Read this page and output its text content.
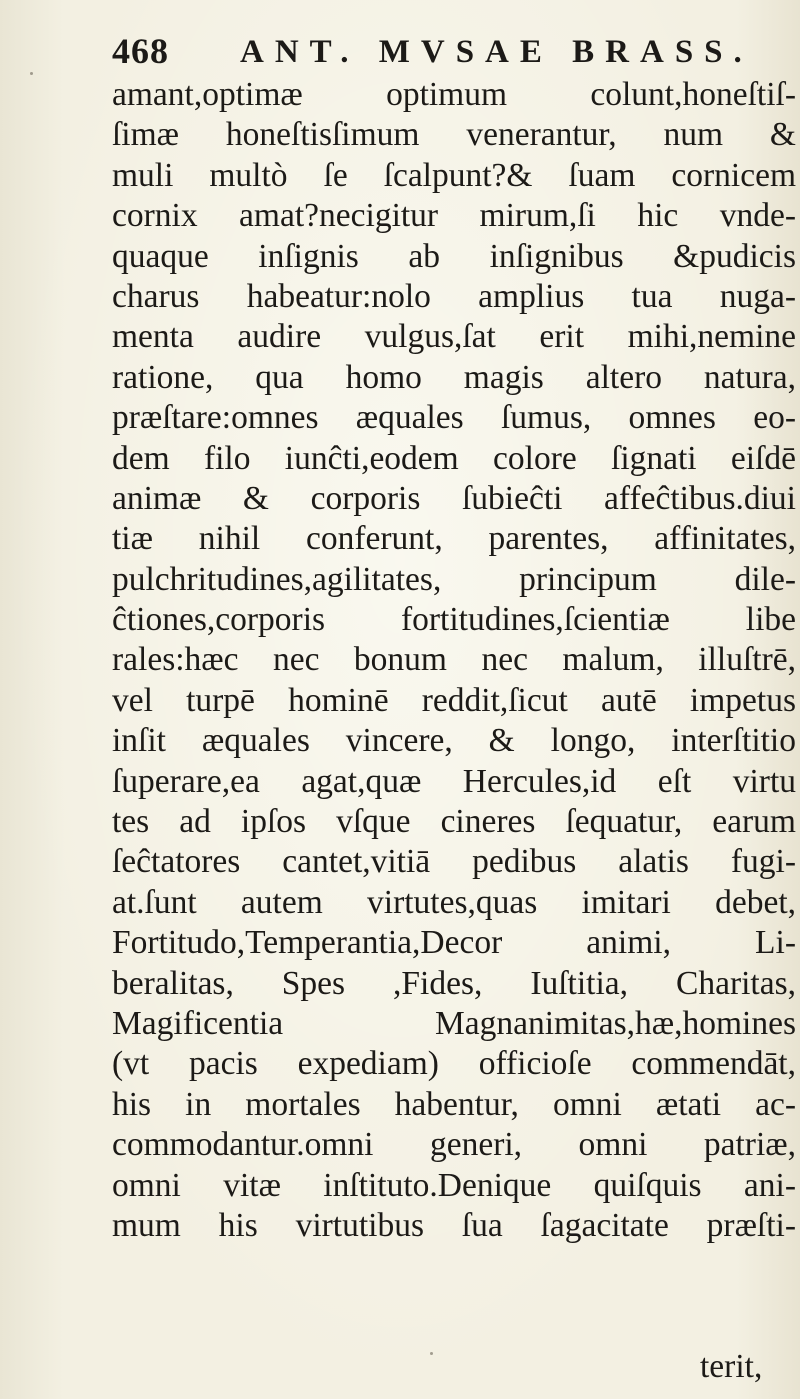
468 ANT. MVSAE BRASS.
amant,optimæ optimum colunt,honeſtiſ-
ſimæ honeſtisſimum venerantur, num &
muli multò ſe ſcalpunt?& ſuam cornicem
cornix amat?necigitur mirum,ſi hic vnde-
quaque inſignis ab inſignibus &pudicis
charus habeatur:nolo amplius tua nuga-
menta audire vulgus,ſat erit mihi,nemine
ratione, qua homo magis altero natura,
præſtare:omnes æquales ſumus, omnes eo-
dem filo iunĉti,eodem colore ſignati eiſdē
animæ & corporis ſubieĉti affeĉtibus.diui
tiæ nihil conferunt, parentes, affinitates,
pulchritudines,agilitates, principum dile-
ĉtiones,corporis fortitudines,ſcientiæ libe
rales:hæc nec bonum nec malum, illuſtrē,
vel turpē hominē reddit,ſicut autē impetus
inſit æquales vincere, & longo, interſtitio
ſuperare,ea agat,quæ Hercules,id eſt virtu
tes ad ipſos vſque cineres ſequatur, earum
ſeĉtatores cantet,vitiā pedibus alatis fugi-
at.ſunt autem virtutes,quas imitari debet,
Fortitudo,Temperantia,Decor animi, Li-
beralitas, Spes ,Fides, Iuſtitia, Charitas,
Magificentia Magnanimitas,hæ,homines
(vt pacis expediam) officioſe commendāt,
his in mortales habentur, omni ætati ac-
commodantur.omni generi, omni patriæ,
omni vitæ inſtituto.Denique quiſquis ani-
mum his virtutibus ſua ſagacitate præſti-
terit,
